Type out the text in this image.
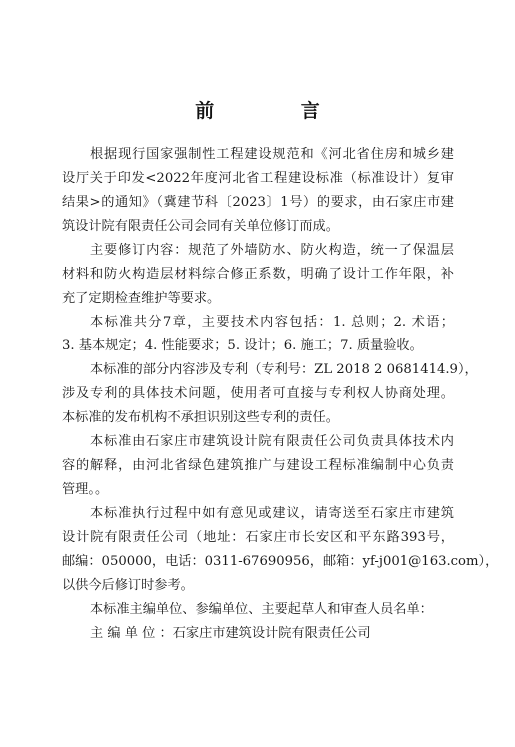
前 言
根据现行国家强制性工程建设规范和《河北省住房和城乡建
设厅关于印发<2022年度河北省工程建设标准（标准设计）复审
结果>的通知》（冀建节科〔2023〕1号）的要求，由石家庄市建
筑设计院有限责任公司会同有关单位修订而成。
主要修订内容：规范了外墙防水、防火构造，统一了保温层
材料和防火构造层材料综合修正系数，明确了设计工作年限，补
充了定期检查维护等要求。
本标准共分7章，主要技术内容包括：1. 总则；2. 术语；
3. 基本规定；4. 性能要求；5. 设计；6. 施工；7. 质量验收。
本标准的部分内容涉及专利（专利号：ZL 2018 2 0681414.9），
涉及专利的具体技术问题，使用者可直接与专利权人协商处理。
本标准的发布机构不承担识别这些专利的责任。
本标准由石家庄市建筑设计院有限责任公司负责具体技术内
容的解释，由河北省绿色建筑推广与建设工程标准编制中心负责
管理。。
本标准执行过程中如有意见或建议，请寄送至石家庄市建筑
设计院有限责任公司（地址：石家庄市长安区和平东路393号，
邮编：050000，电话：0311-67690956，邮箱：yf-j001@163.com），
以供今后修订时参考。
本标准主编单位、参编单位、主要起草人和审查人员名单：
主 编 单 位 ：石家庄市建筑设计院有限责任公司
